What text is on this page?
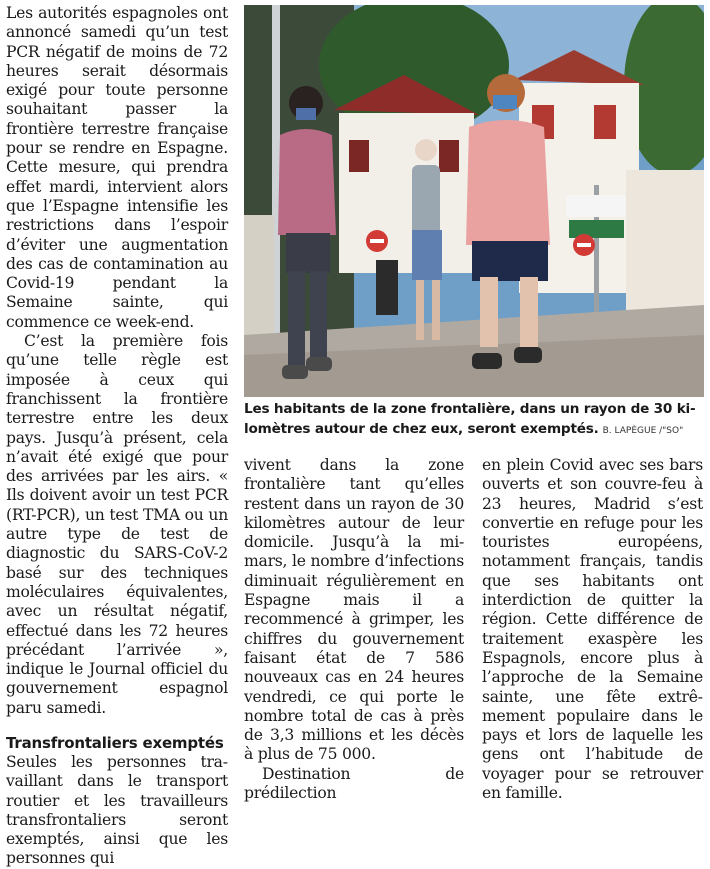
Les autorités espagnoles ont annoncé samedi qu’un test PCR négatif de moins de 72 heures serait désormais exigé pour toute personne souhaitant passer la frontière terrestre française pour se rendre en Espagne. Cette mesure, qui prendra effet mardi, intervient alors que l’Espagne intensifie les restrictions dans l’espoir d’éviter une augmentation des cas de contamination au Covid-19 pendant la Semaine sainte, qui commence ce week-end.

C’est la première fois qu’une telle règle est imposée à ceux qui franchissent la frontière terrestre entre les deux pays. Jusqu’à présent, cela n’avait été exigé que pour des arrivées par les airs. « Ils doivent avoir un test PCR (RT-PCR), un test TMA ou un autre type de test de diagnostic du SARS-CoV-2 basé sur des techniques moléculaires équivalentes, avec un résultat négatif, effectué dans les 72 heures précédant l’arrivée », indique le Journal officiel du gouvernement espagnol paru samedi.

Transfrontaliers exemptés

Seules les personnes travaillant dans le transport routier et les travailleurs transfrontaliers seront exemptés, ainsi que les personnes qui

Les habitants de la zone frontalière, dans un rayon de 30 kilomètres autour de chez eux, seront exemptés. B. LAPÈGUE /"SO"

vivent dans la zone frontalière tant qu’elles restent dans un rayon de 30 kilomètres autour de leur domicile. Jusqu’à la mi-mars, le nombre d’infections diminuait régulièrement en Espagne mais il a recommencé à grimper, les chiffres du gouvernement faisant état de 7 586 nouveaux cas en 24 heures vendredi, ce qui porte le nombre total de cas à près de 3,3 millions et les décès à plus de 75 000.

Destination de prédilection

en plein Covid avec ses bars ouverts et son couvre-feu à 23 heures, Madrid s’est convertie en refuge pour les touristes européens, notamment français, tandis que ses habitants ont interdiction de quitter la région. Cette différence de traitement exaspère les Espagnols, encore plus à l’approche de la Semaine sainte, une fête extrêmement populaire dans le pays et lors de laquelle les gens ont l’habitude de voyager pour se retrouver en famille.
